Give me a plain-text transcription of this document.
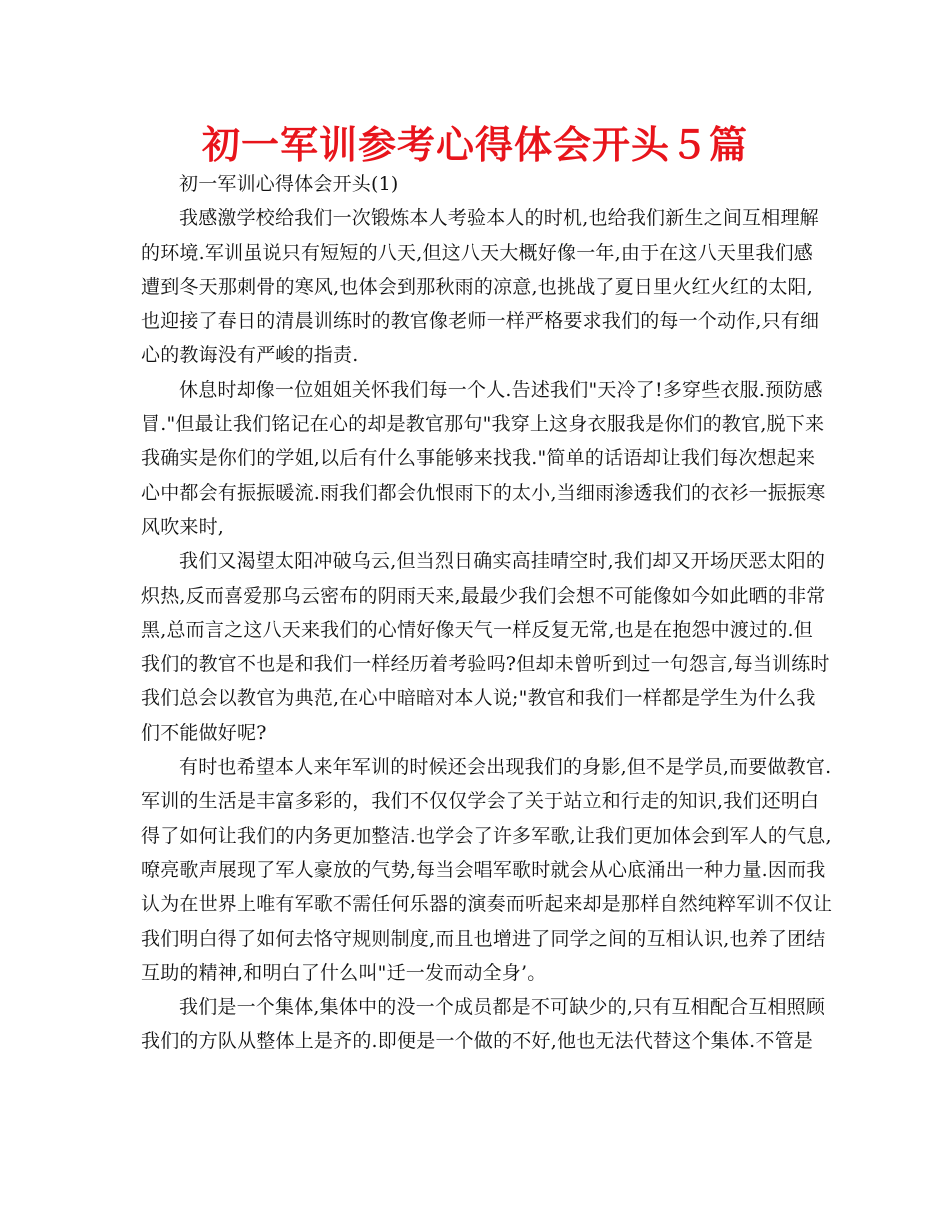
初一军训参考心得体会开头５篇
初一军训心得体会开头(1)
我感激学校给我们一次锻炼本人考验本人的时机,也给我们新生之间互相理解
的环境.军训虽说只有短短的八天,但这八天大概好像一年,由于在这八天里我们感
遭到冬天那刺骨的寒风,也体会到那秋雨的凉意,也挑战了夏日里火红火红的太阳,
也迎接了春日的清晨训练时的教官像老师一样严格要求我们的每一个动作,只有细
心的教诲没有严峻的指责.
休息时却像一位姐姐关怀我们每一个人.告述我们"天冷了!多穿些衣服.预防感
冒."但最让我们铭记在心的却是教官那句"我穿上这身衣服我是你们的教官,脱下来
我确实是你们的学姐,以后有什么事能够来找我."简单的话语却让我们每次想起来
心中都会有振振暖流.雨我们都会仇恨雨下的太小,当细雨渗透我们的衣衫一振振寒
风吹来时,
我们又渴望太阳冲破乌云,但当烈日确实高挂晴空时,我们却又开场厌恶太阳的
炽热,反而喜爱那乌云密布的阴雨天来,最最少我们会想不可能像如今如此晒的非常
黑,总而言之这八天来我们的心情好像天气一样反复无常,也是在抱怨中渡过的.但
我们的教官不也是和我们一样经历着考验吗?但却未曾听到过一句怨言,每当训练时
我们总会以教官为典范,在心中暗暗对本人说;"教官和我们一样都是学生为什么我
们不能做好呢?
有时也希望本人来年军训的时候还会出现我们的身影,但不是学员,而要做教官.
军训的生活是丰富多彩的，我们不仅仅学会了关于站立和行走的知识,我们还明白
得了如何让我们的内务更加整洁.也学会了许多军歌,让我们更加体会到军人的气息,
嘹亮歌声展现了军人豪放的气势,每当会唱军歌时就会从心底涌出一种力量.因而我
认为在世界上唯有军歌不需任何乐器的演奏而听起来却是那样自然纯粹军训不仅让
我们明白得了如何去恪守规则制度,而且也增进了同学之间的互相认识,也养了团结
互助的精神,和明白了什么叫"迁一发而动全身’。
我们是一个集体,集体中的没一个成员都是不可缺少的,只有互相配合互相照顾
我们的方队从整体上是齐的.即便是一个做的不好,他也无法代替这个集体.不管是
